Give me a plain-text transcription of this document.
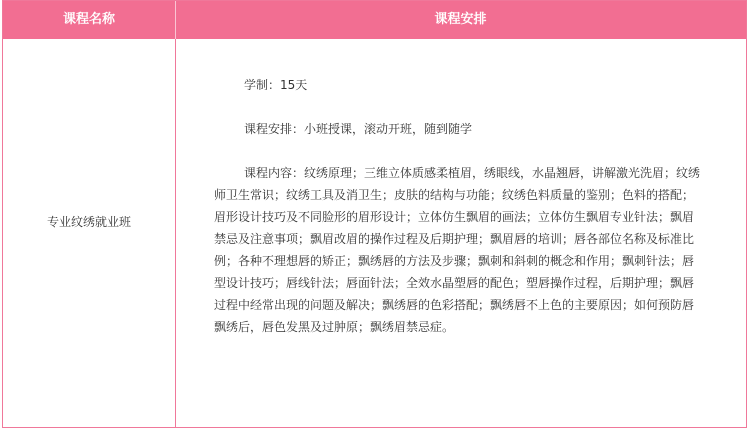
课程名称	课程安排
专业纹绣就业班

学制：15天

课程安排：小班授课，滚动开班，随到随学

课程内容：纹绣原理；三维立体质感柔植眉，绣眼线，水晶翘唇，讲解激光洗眉；纹绣师卫生常识；纹绣工具及消卫生；皮肤的结构与功能；纹绣色料质量的鉴别；色料的搭配；眉形设计技巧及不同脸形的眉形设计；立体仿生飘眉的画法；立体仿生飘眉专业针法；飘眉禁忌及注意事项；飘眉改眉的操作过程及后期护理；飘眉唇的培训；唇各部位名称及标准比例；各种不理想唇的矫正；飘绣唇的方法及步骤；飘刺和斜刺的概念和作用；飘刺针法；唇型设计技巧；唇线针法；唇面针法；全效水晶塑唇的配色；塑唇操作过程，后期护理；飘唇过程中经常出现的问题及解决；飘绣唇的色彩搭配；飘绣唇不上色的主要原因；如何预防唇飘绣后，唇色发黑及过肿原；飘绣眉禁忌症。
